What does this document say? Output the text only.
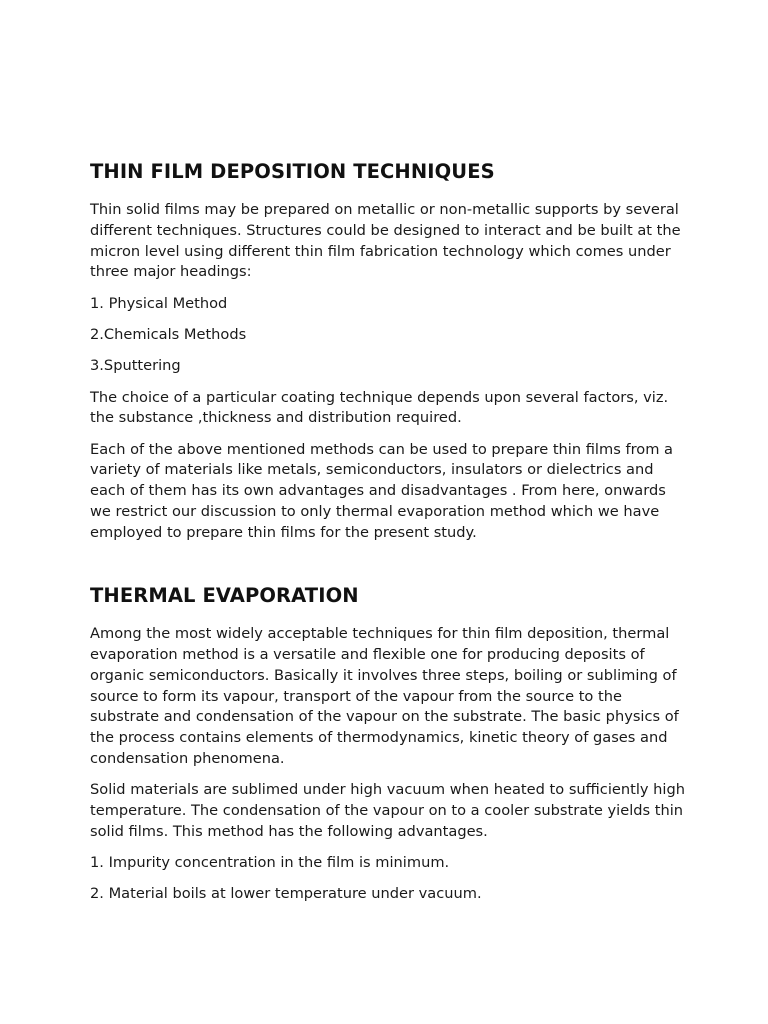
THIN FILM DEPOSITION TECHNIQUES

Thin solid films may be prepared on metallic or non-metallic supports by several different techniques. Structures could be designed to interact and be built at the micron level using different thin film fabrication technology which comes under three major headings:

1. Physical Method

2.Chemicals Methods

3.Sputtering

The choice of a particular coating technique depends upon several factors, viz. the substance ,thickness and distribution required.

Each of the above mentioned methods can be used to prepare thin films from a variety of materials like metals, semiconductors, insulators or dielectrics and each of them has its own advantages and disadvantages . From here, onwards we restrict our discussion to only thermal evaporation method which we have employed to prepare thin films for the present study.

THERMAL EVAPORATION

Among the most widely acceptable techniques for thin film deposition, thermal evaporation method is a versatile and flexible one for producing deposits of organic semiconductors. Basically it involves three steps, boiling or subliming of source to form its vapour, transport of the vapour from the source to the substrate and condensation of the vapour on the substrate. The basic physics of the process contains elements of thermodynamics, kinetic theory of gases and condensation phenomena.

Solid materials are sublimed under high vacuum when heated to sufficiently high temperature. The condensation of the vapour on to a cooler substrate yields thin solid films. This method has the following advantages.

1. Impurity concentration in the film is minimum.

2. Material boils at lower temperature under vacuum.
